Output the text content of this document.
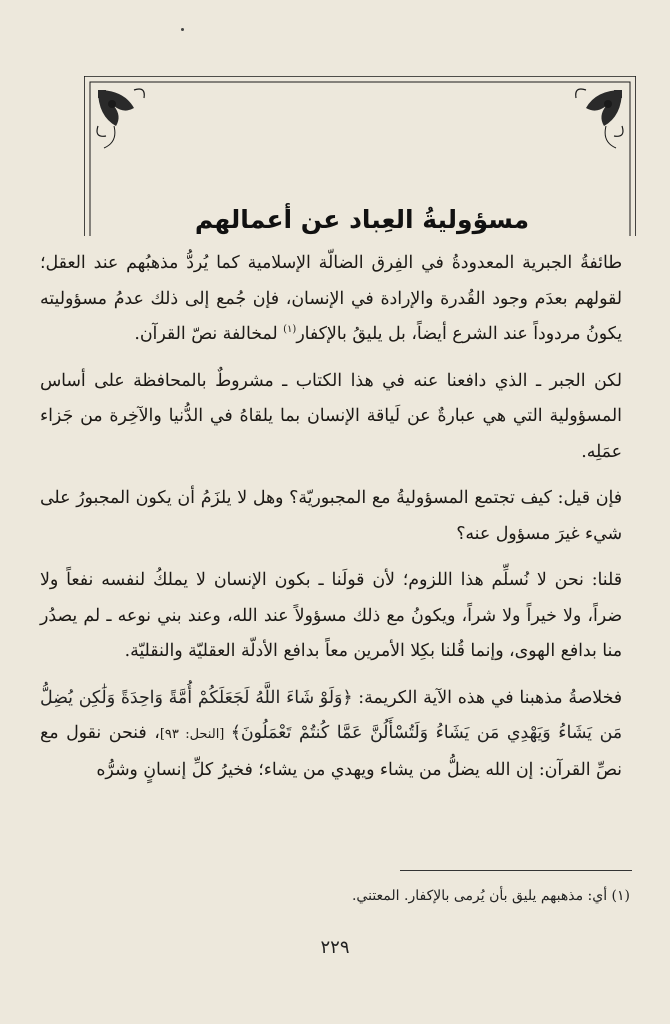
مسؤوليةُ العِباد عن أعمالهم

طائفةُ الجبرية المعدودةُ في الفِرق الضالّة الإسلامية كما يُردُّ مذهبُهم عند العقل؛ لقولهم بعدَم وجود القُدرة والإرادة في الإنسان، فإن جُمع إلى ذلك عدمُ مسؤوليته يكونُ مردوداً عند الشرع أيضاً، بل يليقُ بالإكفار$^{(١)}$ لمخالفة نصّ القرآن.

لكن الجبر ـ الذي دافعنا عنه في هذا الكتاب ـ مشروطٌ بالمحافظة على أساس المسؤولية التي هي عبارةٌ عن لَياقة الإنسان بما يلقاهُ في الدُّنيا والآخِرة من جَزاء عمَلِه.

فإن قيل: كيف تجتمع المسؤوليةُ مع المجبوريّة؟ وهل لا يلزَمُ أن يكون المجبورُ على شيء غيرَ مسؤول عنه؟

قلنا: نحن لا نُسلِّم هذا اللزوم؛ لأن قولَنا ـ بكون الإنسان لا يملكُ لنفسه نفعاً ولا ضراً، ولا خيراً ولا شراً، ويكونُ مع ذلك مسؤولاً عند الله، وعند بني نوعه ـ لم يصدُر منا بدافع الهوى، وإنما قُلنا بكِلا الأمرين معاً بدافع الأدلّة العقليّة والنقليّة.

فخلاصةُ مذهبنا في هذه الآية الكريمة: ﴿وَلَوْ شَاءَ اللَّهُ لَجَعَلَكُمْ أُمَّةً وَاحِدَةً وَلَٰكِن يُضِلُّ مَن يَشَاءُ وَيَهْدِي مَن يَشَاءُ وَلَتُسْأَلُنَّ عَمَّا كُنتُمْ تَعْمَلُونَ﴾ [النحل: ٩٣]، فنحن نقول مع نصِّ القرآن: إن الله يضلُّ من يشاء ويهدي من يشاء؛ فخيرُ كلِّ إنسانٍ وشرُّه

(١) أي: مذهبهم يليق بأن يُرمى بالإكفار. المعتني.
٢٢٩
